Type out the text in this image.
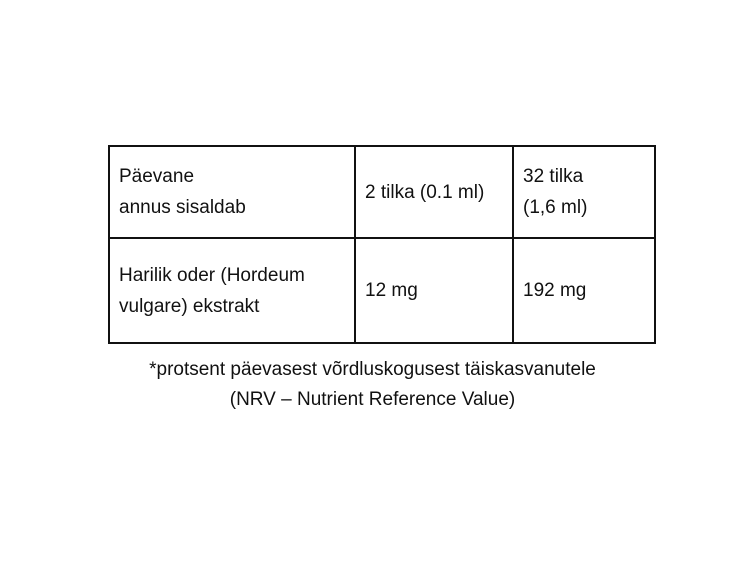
Päevane
annus sisaldab	2 tilka (0.1 ml)	32 tilka
(1,6 ml)

Harilik oder (Hordeum
vulgare) ekstrakt	12 mg	192 mg
*protsent päevasest võrdluskogusest täiskasvanutele
(NRV – Nutrient Reference Value)
